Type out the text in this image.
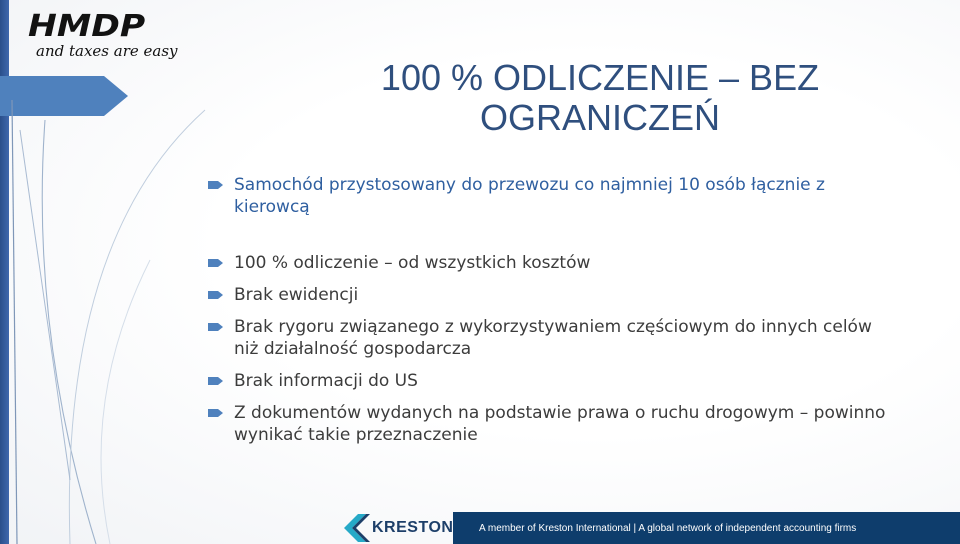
HMDP
and taxes are easy
100 % ODLICZENIE – BEZ
OGRANICZEŃ
Samochód przystosowany do przewozu co najmniej 10 osób łącznie z kierowcą
100 % odliczenie – od wszystkich kosztów
Brak ewidencji
Brak rygoru związanego z wykorzystywaniem częściowym do innych celów niż działalność gospodarcza
Brak informacji do US
Z dokumentów wydanych na podstawie prawa o ruchu drogowym – powinno wynikać takie przeznaczenie
KRESTON	A member of Kreston International | A global network of independent accounting firms
